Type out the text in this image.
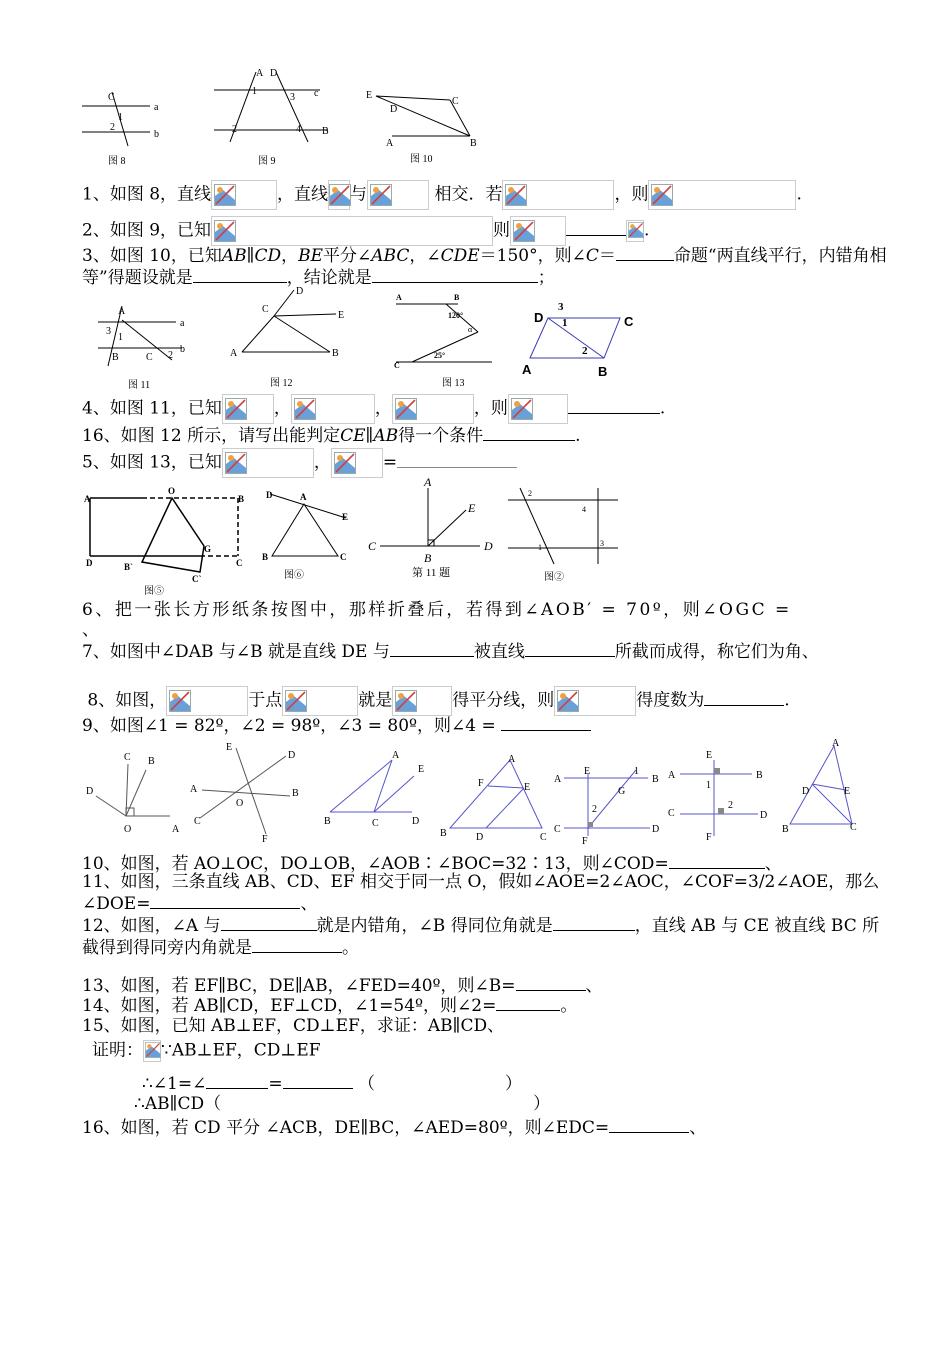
C
a
1
2
b
图 8
A D
1
3 c
2	4 B
图 9
E
C
D
A	B
图 10
1、如图 8，直线	，直线 与	相交．若	，则	.
2、如图 9，已知	则	.
3、如图 10，已知AB∥CD，BE平分∠ABC，∠CDE＝150°，则∠C＝	命题“两直线平行，内错角相等”得题设就是	，结论就是	；
A
a
3
1
b
B	C 2
图 11
D
C
E
A	B
图 12
A	B
120°
α
C
25°
图 13
D
3
1	C
2
A	B
4、如图 11，已知	，	，	，则	.
16、如图 12 所示，请写出能判定CE∥AB得一个条件	.
5、如图 13，已知	，	=
A
O
B
G
D	B`	C
C`
图⑤
D	A
E
B	C
图⑥
A
E
C	D
B
第 11 题
2
4
1	3
图②
6、把一张长方形纸条按图中，那样折叠后，若得到∠AOB′ = 70º，则∠OGC =
、
7、如图中∠DAB 与∠B 就是直线 DE 与	被直线	所截而成得，称它们为角、
8、如图，	于点	就是	得平分线，则	得度数为	.
9、如图∠1 = 82º，∠2 = 98º，∠3 = 80º，则∠4 =
C B
D
O	A
E
D
A	B
O
C
F
A
E
B	C	D
A
F	E
B	D	C
A
E	1
B
G
2
C
F
D
E
A	B
1
2
C	D
F
A
D	E
B	C
10、如图，若 AO⊥OC，DO⊥OB，∠AOB∶∠BOC=32∶13，则∠COD=	、
11、如图，三条直线 AB、CD、EF 相交于同一点 O，假如∠AOE=2∠AOC，∠COF=3/2∠AOE，那么∠DOE=	、
12、如图，∠A 与	就是内错角，∠B 得同位角就是	，直线 AB 与 CE 被直线 BC 所截得到得同旁内角就是	。
13、如图，若 EF∥BC，DE∥AB，∠FED=40º，则∠B=	、
14、如图，若 AB∥CD，EF⊥CD，∠1=54º，则∠2=	。
15、如图，已知 AB⊥EF，CD⊥EF，求证：AB∥CD、
证明： ∵AB⊥EF，CD⊥EF
∴∠1=∠	=	（	）
∴AB∥CD（	）
16、如图，若 CD 平分 ∠ACB，DE∥BC，∠AED=80º，则∠EDC=	、
